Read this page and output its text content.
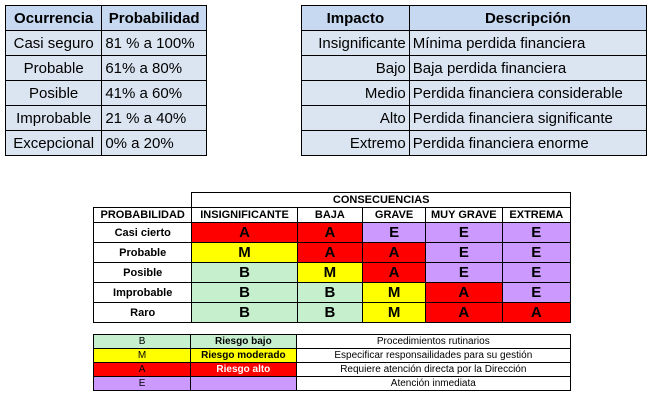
Ocurrencia	Probabilidad
Casi seguro	81 % a 100%
Probable	61% a 80%
Posible	41% a 60%
Improbable	21 % a 40%
Excepcional	0% a 20%
Impacto	Descripción
Insignificante	Mínima perdida financiera
Bajo	Baja perdida financiera
Medio	Perdida financiera considerable
Alto	Perdida financiera significante
Extremo	Perdida financiera enorme
	CONSECUENCIAS				
PROBABILIDAD	INSIGNIFICANTE	BAJA	GRAVE	MUY GRAVE	EXTREMA
Casi cierto	A	A	E	E	E
Probable	M	A	A	E	E
Posible	B	M	A	E	E
Improbable	B	B	M	A	E
Raro	B	B	M	A	A
B	Riesgo bajo	Procedimientos rutinarios
M	Riesgo moderado	Especificar responsailidades para su gestión
A	Riesgo alto	Requiere atención directa por la Dirección
E		Atención inmediata
